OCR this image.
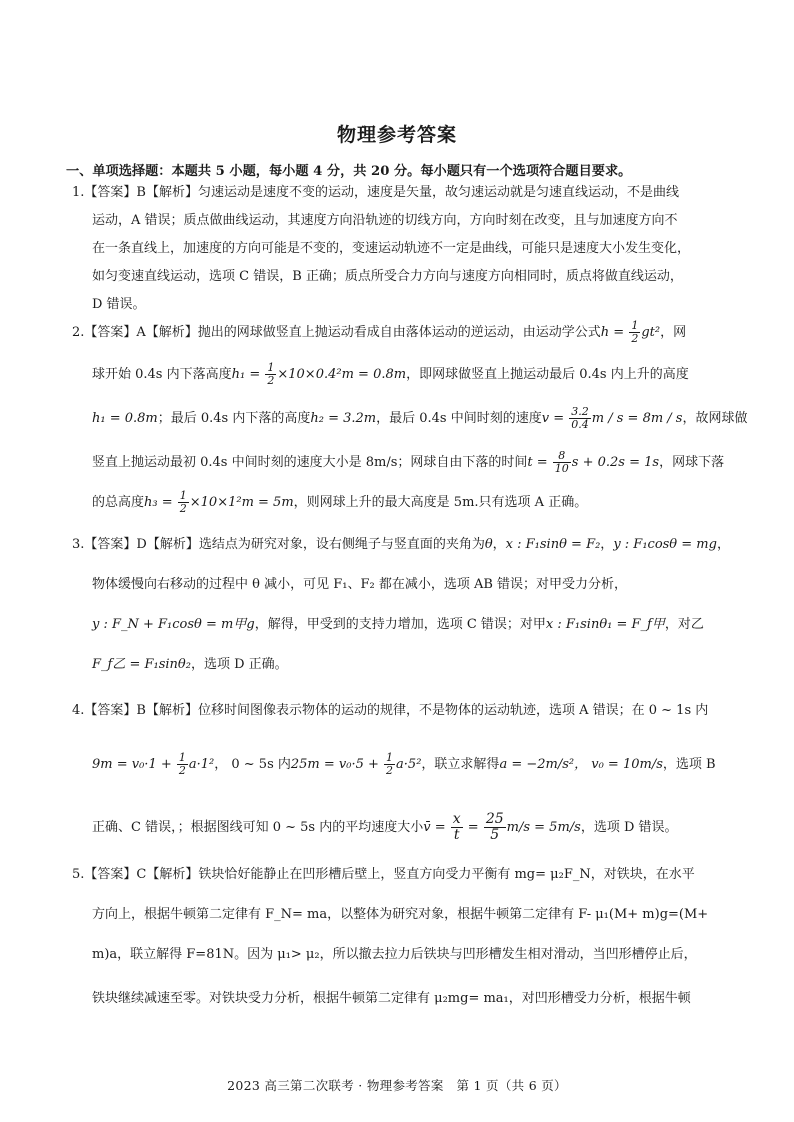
物理参考答案
一、单项选择题：本题共 5 小题，每小题 4 分，共 20 分。每小题只有一个选项符合题目要求。
1.【答案】B【解析】匀速运动是速度不变的运动，速度是矢量，故匀速运动就是匀速直线运动，不是曲线
运动，A 错误；质点做曲线运动，其速度方向沿轨迹的切线方向，方向时刻在改变，且与加速度方向不
在一条直线上，加速度的方向可能是不变的，变速运动轨迹不一定是曲线，可能只是速度大小发生变化，
如匀变速直线运动，选项 C 错误，B 正确；质点所受合力方向与速度方向相同时，质点将做直线运动，
D 错误。
2.【答案】A【解析】抛出的网球做竖直上抛运动看成自由落体运动的逆运动，由运动学公式$h = \frac{1}{2} gt^2$，网
球开始 0.4s 内下落高度$h_1 = \frac{1}{2} \times 10\times 0.4^2m = 0.8m$，即网球做竖直上抛运动最后 0.4s 内上升的高度
h₁ = 0.8m；最后 0.4s 内下落的高度h₂ = 3.2m，最后 0.4s 中间时刻的速度$v = \frac{3.2}{0.4}$ m / s = 8m / s，故网球做
竖直上抛运动最初 0.4s 中间时刻的速度大小是 8m/s；网球自由下落的时间$t = \frac{8}{10}$ s + 0.2s = 1s，网球下落
的总高度$h_3 = \frac{1}{2} \times 10\times 1^2m = 5m$，则网球上升的最大高度是 5m.只有选项 A 正确。
3.【答案】D【解析】选结点为研究对象，设右侧绳子与竖直面的夹角为θ，x : F₁sinθ = F₂，y : F₁cosθ = mg，
物体缓慢向右移动的过程中 θ 减小，可见 F₁、F₂ 都在减小，选项 AB 错误；对甲受力分析，
y : F_N + F₁cosθ = m甲g，解得，甲受到的支持力增加，选项 C 错误；对甲x : F₁sinθ₁ = F_f甲，对乙
F_f乙 = F₁sinθ₂，选项 D 正确。
4.【答案】B【解析】位移时间图像表示物体的运动的规律，不是物体的运动轨迹，选项 A 错误；在 0 ~ 1s 内
$9m = v_0\cdot 1 + \frac{1}{2} a\cdot 1^2$， 0 ~ 5s 内$25m = v_0\cdot 5 + \frac{1}{2} a\cdot 5^2$，联立求解得a = −2m/s²， v₀ = 10m/s，选项 B
正确、C 错误，；根据图线可知 0 ~ 5s 内的平均速度大小v̄ = $\frac{x}{t} = \frac{25}{5} m/s = 5m/s$，选项 D 错误。
5.【答案】C【解析】铁块恰好能静止在凹形槽后壁上，竖直方向受力平衡有 mg= μ₂F_N，对铁块，在水平
方向上，根据牛顿第二定律有 F_N= ma，以整体为研究对象，根据牛顿第二定律有 F- μ₁(M+ m)g=(M+
m)a，联立解得 F=81N。因为 μ₁> μ₂，所以撤去拉力后铁块与凹形槽发生相对滑动，当凹形槽停止后，
铁块继续减速至零。对铁块受力分析，根据牛顿第二定律有 μ₂mg= ma₁，对凹形槽受力分析，根据牛顿
2023 高三第二次联考 · 物理参考答案　第 1 页（共 6 页）
